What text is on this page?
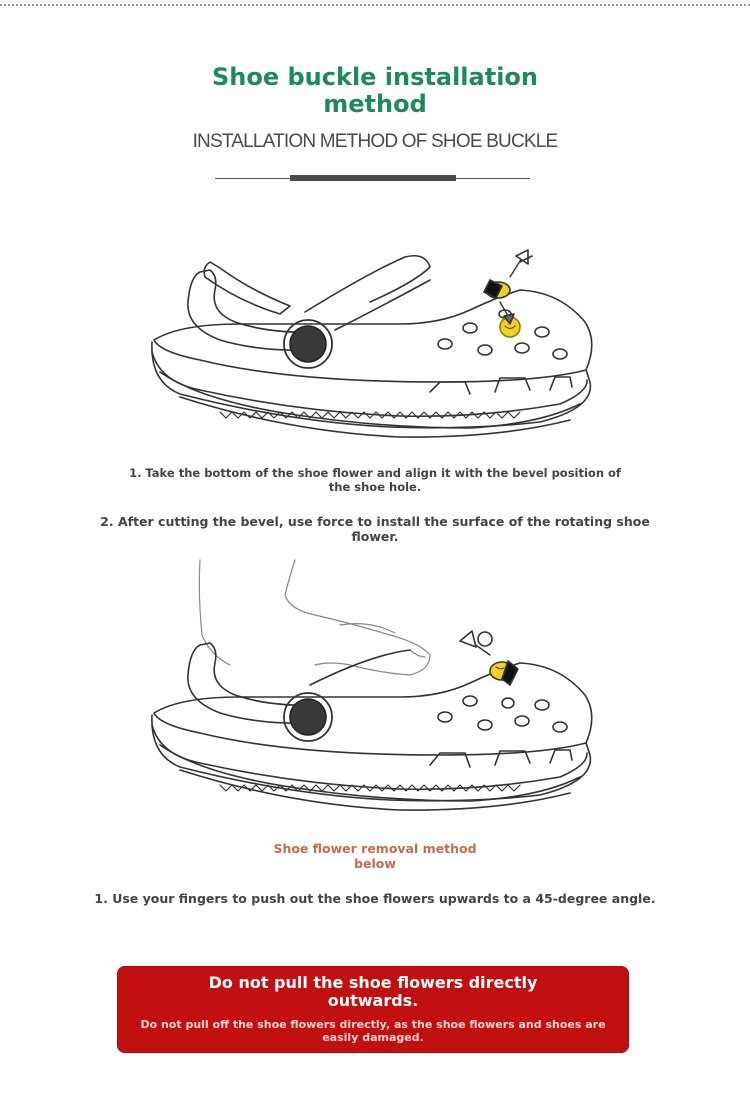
Shoe buckle installation method
INSTALLATION METHOD OF SHOE BUCKLE
1. Take the bottom of the shoe flower and align it with the bevel position of the shoe hole.
2. After cutting the bevel, use force to install the surface of the rotating shoe flower.
Shoe flower removal method below
1. Use your fingers to push out the shoe flowers upwards to a 45-degree angle.
Do not pull the shoe flowers directly outwards.
Do not pull off the shoe flowers directly, as the shoe flowers and shoes are easily damaged.
